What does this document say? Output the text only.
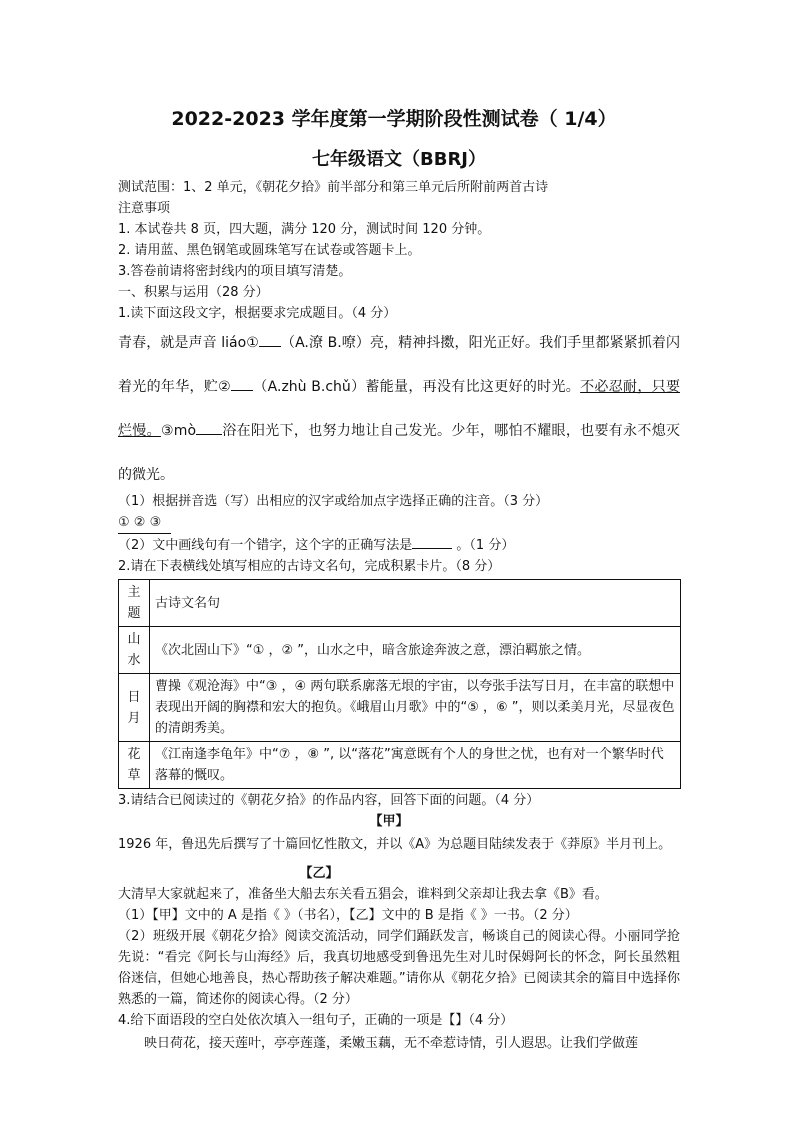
2022-2023 学年度第一学期阶段性测试卷（ 1/4）
七年级语文（BBRJ）
测试范围：1、2 单元，《朝花夕拾》前半部分和第三单元后所附前两首古诗
注意事项
1. 本试卷共 8 页，四大题，满分 120 分，测试时间 120 分钟。
2. 请用蓝、黑色钢笔或圆珠笔写在试卷或答题卡上。
3.答卷前请将密封线内的项目填写清楚。
一、积累与运用（28 分）
1.读下面这段文字，根据要求完成题目。（4 分）
青春，就是声音 liáo① （A.潦 B.嘹）亮，精神抖擞，阳光正好。我们手里都紧紧抓着闪着光的年华，贮② （A.zhù B.chǔ）蓄能量，再没有比这更好的时光。不必忍耐，只要烂慢。③mò 浴在阳光下，也努力地让自己发光。少年，哪怕不耀眼，也要有永不熄灭的微光。
（1）根据拼音选（写）出相应的汉字或给加点字选择正确的注音。（3 分）
① ② ③
（2）文中画线句有一个错字，这个字的正确写法是	。（1 分）
2.请在下表横线处填写相应的古诗文名句，完成积累卡片。（8 分）
主题	古诗文名句
山水	《次北固山下》“① ，② ”，山水之中，暗含旅途奔波之意，漂泊羁旅之情。
日月	曹操《观沧海》中“③ ，④ 两句联系廓落无垠的宇宙，以夸张手法写日月，在丰富的联想中表现出开阔的胸襟和宏大的抱负。《峨眉山月歌》中的“⑤ ，⑥ ”，则以柔美月光，尽显夜色的清朗秀美。
花草	《江南逢李龟年》中“⑦ ，⑧ ”, 以“落花”寓意既有个人的身世之忧，也有对一个繁华时代落幕的慨叹。
3.请结合已阅读过的《朝花夕拾》的作品内容，回答下面的问题。（4 分）
【甲】
1926 年，鲁迅先后撰写了十篇回忆性散文，并以《A》为总题目陆续发表于《莽原》半月刊上。
【乙】
大清早大家就起来了，准备坐大船去东关看五猖会，谁料到父亲却让我去拿《B》看。
（1）【甲】文中的 A 是指《 》（书名），【乙】文中的 B 是指《 》一书。（2 分）
（2）班级开展《朝花夕拾》阅读交流活动，同学们踊跃发言，畅谈自己的阅读心得。小丽同学抢先说：“看完《阿长与山海经》后，我真切地感受到鲁迅先生对儿时保姆阿长的怀念，阿长虽然粗俗迷信，但她心地善良，热心帮助孩子解决难题。”请你从《朝花夕拾》已阅读其余的篇目中选择你熟悉的一篇，简述你的阅读心得。（2 分）
4.给下面语段的空白处依次填入一组句子，正确的一项是【】（4 分）
映日荷花，接天莲叶，亭亭莲蓬，柔嫩玉藕，无不牵惹诗情，引人遐思。让我们学做莲
